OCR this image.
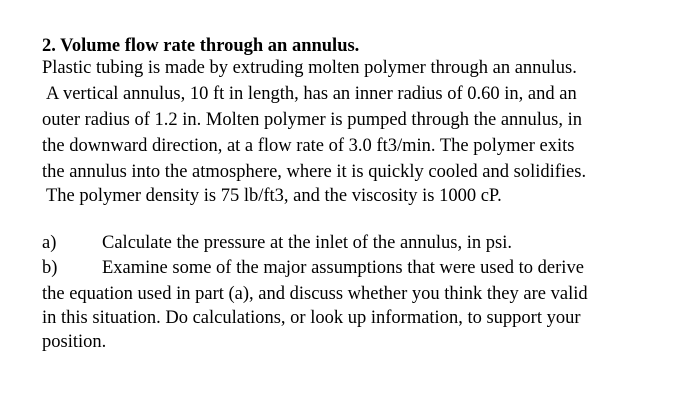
2. Volume flow rate through an annulus.

Plastic tubing is made by extruding molten polymer through an annulus.

A vertical annulus, 10 ft in length, has an inner radius of 0.60 in, and an

outer radius of 1.2 in. Molten polymer is pumped through the annulus, in

the downward direction, at a flow rate of 3.0 ft3/min. The polymer exits

the annulus into the atmosphere, where it is quickly cooled and solidifies.

The polymer density is 75 lb/ft3, and the viscosity is 1000 cP.

a) Calculate the pressure at the inlet of the annulus, in psi.

b) Examine some of the major assumptions that were used to derive

the equation used in part (a), and discuss whether you think they are valid

in this situation. Do calculations, or look up information, to support your

position.
